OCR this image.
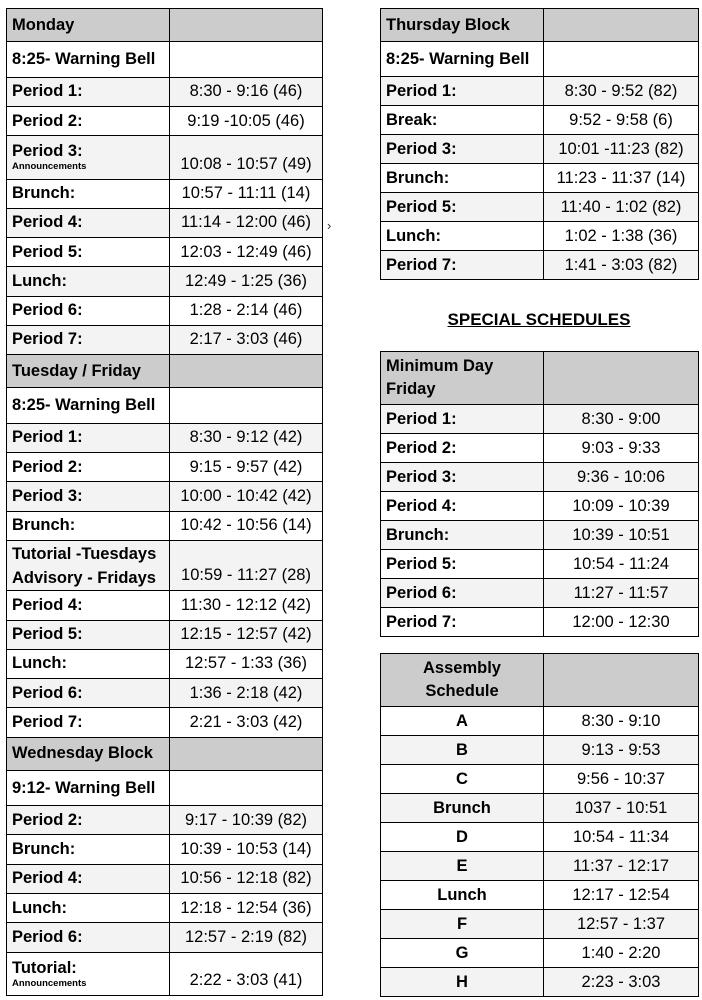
Monday	
8:25- Warning Bell	
Period 1:	8:30 - 9:16 (46)
Period 2:	9:19 -10:05 (46)
Period 3:
Announcements	10:08 - 10:57 (49)
Brunch:	10:57 - 11:11 (14)
Period 4:	11:14 - 12:00 (46)
Period 5:	12:03 - 12:49 (46)
Lunch:	12:49 - 1:25 (36)
Period 6:	1:28 - 2:14 (46)
Period 7:	2:17 - 3:03 (46)
Tuesday / Friday	
8:25- Warning Bell	
Period 1:	8:30 - 9:12 (42)
Period 2:	9:15 - 9:57 (42)
Period 3:	10:00 - 10:42 (42)
Brunch:	10:42 - 10:56 (14)

Tutorial -Tuesdays
Advisory - Fridays	10:59 - 11:27 (28)
Period 4:	11:30 - 12:12 (42)
Period 5:	12:15 - 12:57 (42)
Lunch:	12:57 - 1:33 (36)
Period 6:	1:36 - 2:18 (42)
Period 7:	2:21 - 3:03 (42)
Wednesday Block	
9:12- Warning Bell	
Period 2:	9:17 - 10:39 (82)
Brunch:	10:39 - 10:53 (14)
Period 4:	10:56 - 12:18 (82)
Lunch:	12:18 - 12:54 (36)
Period 6:	12:57 - 2:19 (82)
Tutorial:
Announcements	2:22 - 3:03 (41)
›
Thursday Block	
8:25- Warning Bell	
Period 1:	8:30 - 9:52 (82)
Break:	9:52 - 9:58 (6)
Period 3:	10:01 -11:23 (82)
Brunch:	11:23 - 11:37 (14)
Period 5:	11:40 - 1:02 (82)
Lunch:	1:02 - 1:38 (36)
Period 7:	1:41 - 3:03 (82)
SPECIAL SCHEDULES
Minimum Day
Friday	

Period 1:	8:30 - 9:00
Period 2:	9:03 - 9:33
Period 3:	9:36 - 10:06
Period 4:	10:09 - 10:39
Brunch:	10:39 - 10:51
Period 5:	10:54 - 11:24
Period 6:	11:27 - 11:57
Period 7:	12:00 - 12:30
Assembly
Schedule	

A	8:30 - 9:10
B	9:13 - 9:53
C	9:56 - 10:37
Brunch	1037 - 10:51
D	10:54 - 11:34
E	11:37 - 12:17
Lunch	12:17 - 12:54
F	12:57 - 1:37
G	1:40 - 2:20
H	2:23 - 3:03
